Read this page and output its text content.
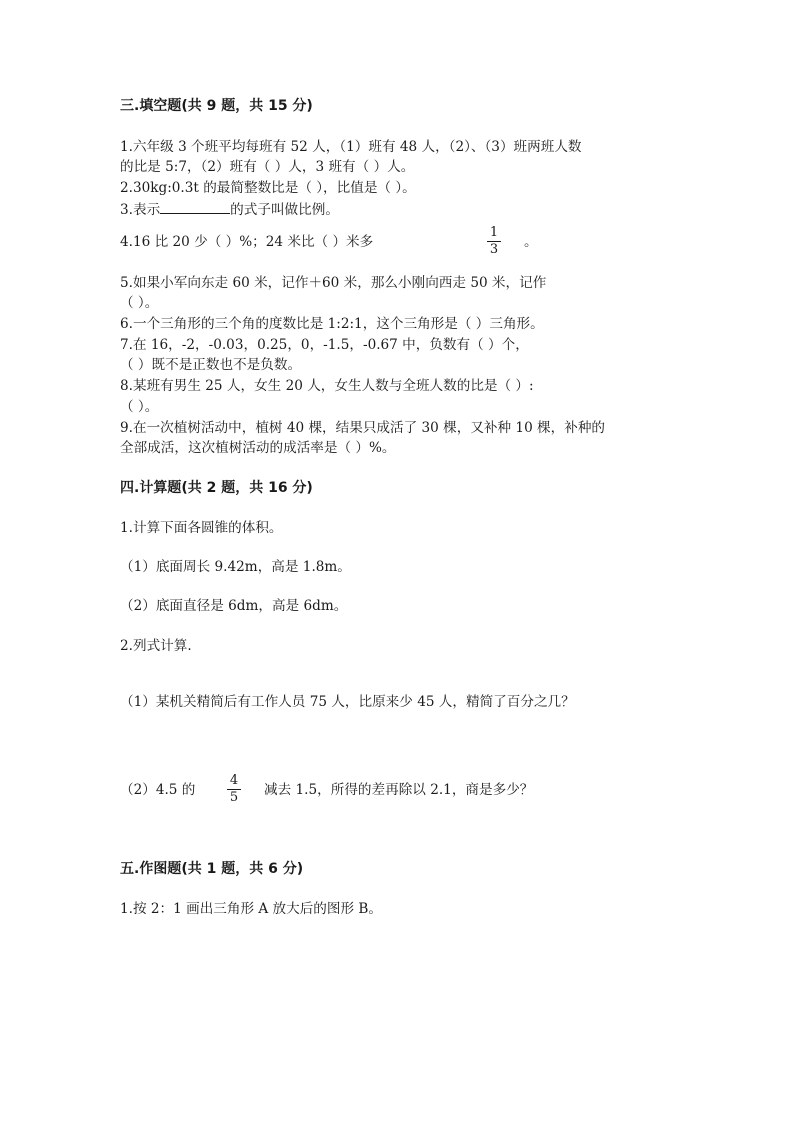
三.填空题(共 9 题，共 15 分)
1.六年级 3 个班平均每班有 52 人，（1）班有 48 人，（2）、（3）班两班人数
的比是 5:7，（2）班有（ ）人，3 班有（ ）人。
2.30kg:0.3t 的最简整数比是（ ），比值是（ ）。
3.表示	的式子叫做比例。
4.16 比 20 少（ ）%；24 米比（ ）米多
1
3 。
5.如果小军向东走 60 米，记作＋60 米，那么小刚向西走 50 米，记作
（ ）。
6.一个三角形的三个角的度数比是 1:2:1，这个三角形是（ ）三角形。
7.在 16，-2，-0.03，0.25，0，-1.5，-0.67 中，负数有（ ）个，
（ ）既不是正数也不是负数。
8.某班有男生 25 人，女生 20 人，女生人数与全班人数的比是（ ）:
（ ）。
9.在一次植树活动中，植树 40 棵，结果只成活了 30 棵，又补种 10 棵，补种的
全部成活，这次植树活动的成活率是（ ）%。
四.计算题(共 2 题，共 16 分)
1.计算下面各圆锥的体积。
（1）底面周长 9.42m，高是 1.8m。
（2）底面直径是 6dm，高是 6dm。
2.列式计算.
（1）某机关精简后有工作人员 75 人，比原来少 45 人，精简了百分之几？
（2）4.5 的
4
5 减去 1.5，所得的差再除以 2.1，商是多少？
五.作图题(共 1 题，共 6 分)
1.按 2：1 画出三角形 A 放大后的图形 B。
